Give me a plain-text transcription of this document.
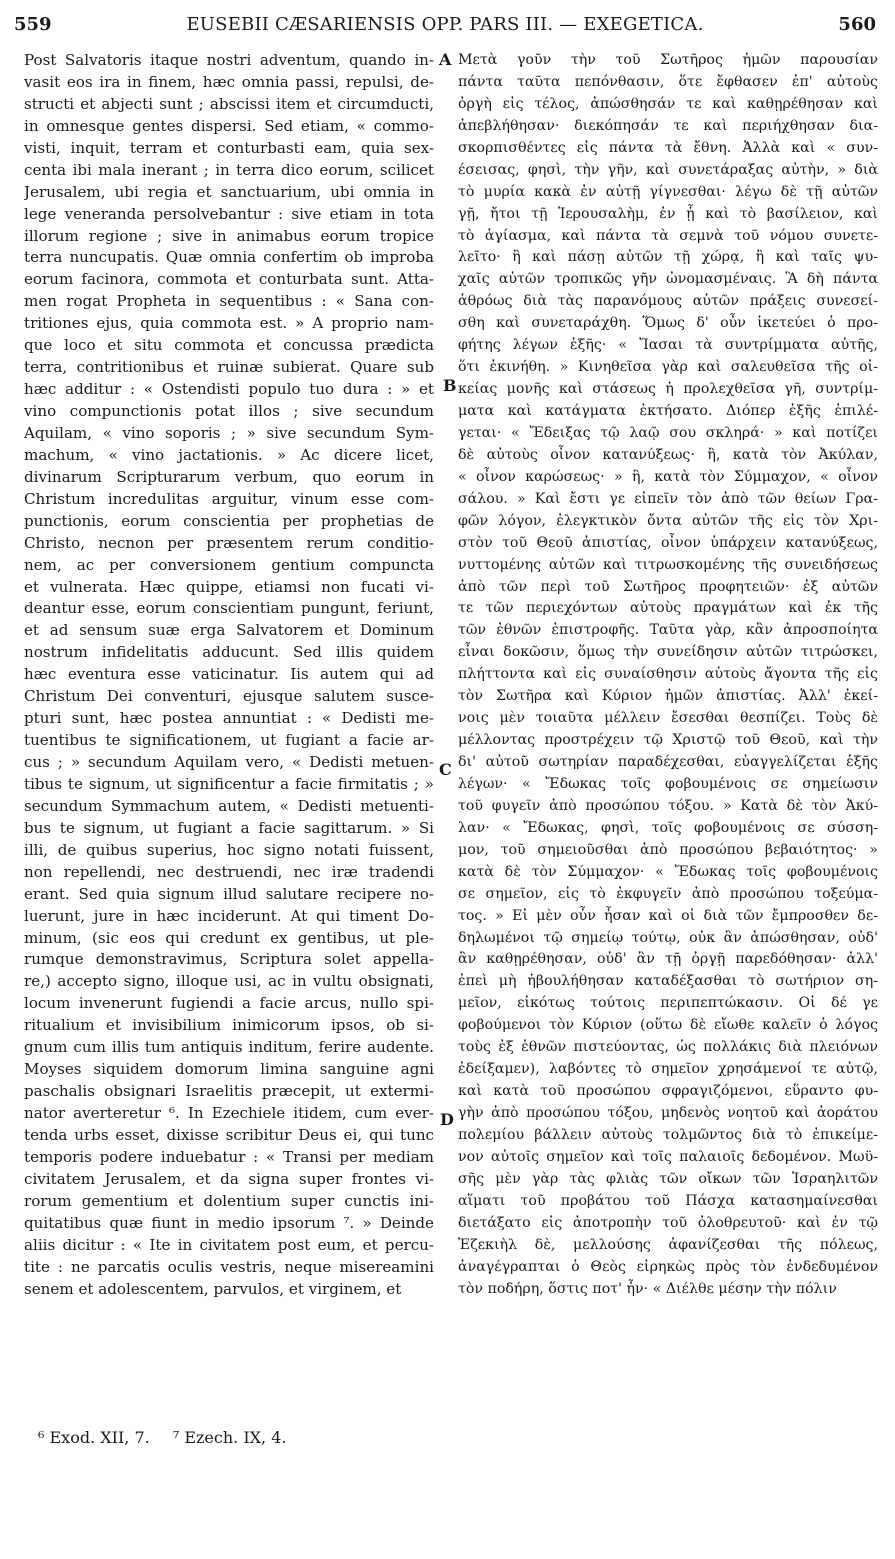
559	EUSEBII CÆSARIENSIS OPP. PARS III. — EXEGETICA.	560
Post Salvatoris itaque nostri adventum, quando in-
vasit eos ira in finem, hæc omnia passi, repulsi, de-
structi et abjecti sunt ; abscissi item et circumducti,
in omnesque gentes dispersi. Sed etiam, « commo-
visti, inquit, terram et conturbasti eam, quia sex-
centa ibi mala inerant ; in terra dico eorum, scilicet
Jerusalem, ubi regia et sanctuarium, ubi omnia in
lege veneranda persolvebantur : sive etiam in tota
illorum regione ; sive in animabus eorum tropice
terra nuncupatis. Quæ omnia confertim ob improba
eorum facinora, commota et conturbata sunt. Atta-
men rogat Propheta in sequentibus : « Sana con-
tritiones ejus, quia commota est. » A proprio nam-
que loco et situ commota et concussa prædicta
terra, contritionibus et ruinæ subierat. Quare sub
hæc additur : « Ostendisti populo tuo dura : » et
vino compunctionis potat illos ; sive secundum
Aquilam, « vino soporis ; » sive secundum Sym-
machum, « vino jactationis. » Ac dicere licet,
divinarum Scripturarum verbum, quo eorum in
Christum incredulitas arguitur, vinum esse com-
punctionis, eorum conscientia per prophetias de
Christo, necnon per præsentem rerum conditio-
nem, ac per conversionem gentium compuncta
et vulnerata. Hæc quippe, etiamsi non fucati vi-
deantur esse, eorum conscientiam pungunt, feriunt,
et ad sensum suæ erga Salvatorem et Dominum
nostrum infidelitatis adducunt. Sed illis quidem
hæc eventura esse vaticinatur. Iis autem qui ad
Christum Dei conventuri, ejusque salutem susce-
pturi sunt, hæc postea annuntiat : « Dedisti me-
tuentibus te significationem, ut fugiant a facie ar-
cus ; » secundum Aquilam vero, « Dedisti metuen-
tibus te signum, ut significentur a facie firmitatis ; »
secundum Symmachum autem, « Dedisti metuenti-
bus te signum, ut fugiant a facie sagittarum. » Si
illi, de quibus superius, hoc signo notati fuissent,
non repellendi, nec destruendi, nec iræ tradendi
erant. Sed quia signum illud salutare recipere no-
luerunt, jure in hæc inciderunt. At qui timent Do-
minum, (sic eos qui credunt ex gentibus, ut ple-
rumque demonstravimus, Scriptura solet appella-
re,) accepto signo, illoque usi, ac in vultu obsignati,
locum invenerunt fugiendi a facie arcus, nullo spi-
ritualium et invisibilium inimicorum ipsos, ob si-
gnum cum illis tum antiquis inditum, ferire audente.
Moyses siquidem domorum limina sanguine agni
paschalis obsignari Israelitis præcepit, ut extermi-
nator averteretur ⁶. In Ezechiele itidem, cum ever-
tenda urbs esset, dixisse scribitur Deus ei, qui tunc
temporis podere induebatur : « Transi per mediam
civitatem Jerusalem, et da signa super frontes vi-
rorum gementium et dolentium super cunctis ini-
quitatibus quæ fiunt in medio ipsorum ⁷. » Deinde
aliis dicitur : « Ite in civitatem post eum, et percu-
tite : ne parcatis oculis vestris, neque misereamini
senem et adolescentem, parvulos, et virginem, et
A
B
C
D
Μετὰ γοῦν τὴν τοῦ Σωτῆρος ἡμῶν παρουσίαν
πάντα ταῦτα πεπόνθασιν, ὅτε ἔφθασεν ἐπ' αὐτοὺς
ὀργὴ εἰς τέλος, ἀπώσθησάν τε καὶ καθῃρέθησαν καὶ
ἀπεβλήθησαν· διεκόπησάν τε καὶ περιήχθησαν δια-
σκορπισθέντες εἰς πάντα τὰ ἔθνη. Ἀλλὰ καὶ « συν-
έσεισας, φησὶ, τὴν γῆν, καὶ συνετάραξας αὐτὴν, » διὰ
τὸ μυρία κακὰ ἐν αὐτῇ γίγνεσθαι· λέγω δὲ τῇ αὐτῶν
γῇ, ἤτοι τῇ Ἱερουσαλὴμ, ἐν ᾗ καὶ τὸ βασίλειον, καὶ
τὸ ἁγίασμα, καὶ πάντα τὰ σεμνὰ τοῦ νόμου συνετε-
λεῖτο· ἢ καὶ πάσῃ αὐτῶν τῇ χώρᾳ, ἢ καὶ ταῖς ψυ-
χαῖς αὐτῶν τροπικῶς γῆν ὠνομασμέναις. Ἃ δὴ πάντα
ἀθρόως διὰ τὰς παρανόμους αὐτῶν πράξεις συνεσεί-
σθη καὶ συνεταράχθη. Ὅμως δ' οὖν ἱκετεύει ὁ προ-
φήτης λέγων ἑξῆς· « Ἴασαι τὰ συντρίμματα αὐτῆς,
ὅτι ἐκινήθη. » Κινηθεῖσα γὰρ καὶ σαλευθεῖσα τῆς οἰ-
κείας μονῆς καὶ στάσεως ἡ προλεχθεῖσα γῆ, συντρίμ-
ματα καὶ κατάγματα ἐκτήσατο. Διόπερ ἑξῆς ἐπιλέ-
γεται· « Ἔδειξας τῷ λαῷ σου σκληρά· » καὶ ποτίζει
δὲ αὐτοὺς οἶνον κατανύξεως· ἢ, κατὰ τὸν Ἀκύλαν,
« οἶνον καρώσεως· » ἢ, κατὰ τὸν Σύμμαχον, « οἶνον
σάλου. » Καὶ ἔστι γε εἰπεῖν τὸν ἀπὸ τῶν θείων Γρα-
φῶν λόγον, ἐλεγκτικὸν ὄντα αὐτῶν τῆς εἰς τὸν Χρι-
στὸν τοῦ Θεοῦ ἀπιστίας, οἶνον ὑπάρχειν κατανύξεως,
νυττομένης αὐτῶν καὶ τιτρωσκομένης τῆς συνειδήσεως
ἀπὸ τῶν περὶ τοῦ Σωτῆρος προφητειῶν· ἐξ αὐτῶν
τε τῶν περιεχόντων αὐτοὺς πραγμάτων καὶ ἐκ τῆς
τῶν ἐθνῶν ἐπιστροφῆς. Ταῦτα γὰρ, κἂν ἀπροσποίητα
εἶναι δοκῶσιν, ὅμως τὴν συνείδησιν αὐτῶν τιτρώσκει,
πλήττοντα καὶ εἰς συναίσθησιν αὐτοὺς ἄγοντα τῆς εἰς
τὸν Σωτῆρα καὶ Κύριον ἡμῶν ἀπιστίας. Ἀλλ' ἐκεί-
νοις μὲν τοιαῦτα μέλλειν ἔσεσθαι θεσπίζει. Τοὺς δὲ
μέλλοντας προστρέχειν τῷ Χριστῷ τοῦ Θεοῦ, καὶ τὴν
δι' αὐτοῦ σωτηρίαν παραδέχεσθαι, εὐαγγελίζεται ἑξῆς
λέγων· « Ἔδωκας τοῖς φοβουμένοις σε σημείωσιν
τοῦ φυγεῖν ἀπὸ προσώπου τόξου. » Κατὰ δὲ τὸν Ἀκύ-
λαν· « Ἔδωκας, φησὶ, τοῖς φοβουμένοις σε σύσση-
μον, τοῦ σημειοῦσθαι ἀπὸ προσώπου βεβαιότητος· »
κατὰ δὲ τὸν Σύμμαχον· « Ἔδωκας τοῖς φοβουμένοις
σε σημεῖον, εἰς τὸ ἐκφυγεῖν ἀπὸ προσώπου τοξεύμα-
τος. » Εἰ μὲν οὖν ἦσαν καὶ οἱ διὰ τῶν ἔμπροσθεν δε-
δηλωμένοι τῷ σημείῳ τούτῳ, οὐκ ἂν ἀπώσθησαν, οὐδ'
ἂν καθῃρέθησαν, οὐδ' ἂν τῇ ὀργῇ παρεδόθησαν· ἀλλ'
ἐπεὶ μὴ ἠβουλήθησαν καταδέξασθαι τὸ σωτήριον ση-
μεῖον, εἰκότως τούτοις περιπεπτώκασιν. Οἱ δέ γε
φοβούμενοι τὸν Κύριον (οὕτω δὲ εἴωθε καλεῖν ὁ λόγος
τοὺς ἐξ ἐθνῶν πιστεύοντας, ὡς πολλάκις διὰ πλειόνων
ἐδείξαμεν), λαβόντες τὸ σημεῖον χρησάμενοί τε αὐτῷ,
καὶ κατὰ τοῦ προσώπου σφραγιζόμενοι, εὕραντο φυ-
γὴν ἀπὸ προσώπου τόξου, μηδενὸς νοητοῦ καὶ ἀοράτου
πολεμίου βάλλειν αὐτοὺς τολμῶντος διὰ τὸ ἐπικείμε-
νον αὐτοῖς σημεῖον καὶ τοῖς παλαιοῖς δεδομένον. Μωϋ-
σῆς μὲν γὰρ τὰς φλιὰς τῶν οἴκων τῶν Ἰσραηλιτῶν
αἵματι τοῦ προβάτου τοῦ Πάσχα κατασημαίνεσθαι
διετάξατο εἰς ἀποτροπὴν τοῦ ὀλοθρευτοῦ· καὶ ἐν τῷ
Ἐζεκιὴλ δὲ, μελλούσης ἀφανίζεσθαι τῆς πόλεως,
ἀναγέγραπται ὁ Θεὸς εἰρηκὼς πρὸς τὸν ἐνδεδυμένον
τὸν ποδήρη, ὅστις ποτ' ἦν· « Διέλθε μέσην τὴν πόλιν
⁶ Exod. XII, 7. ⁷ Ezech. IX, 4.
